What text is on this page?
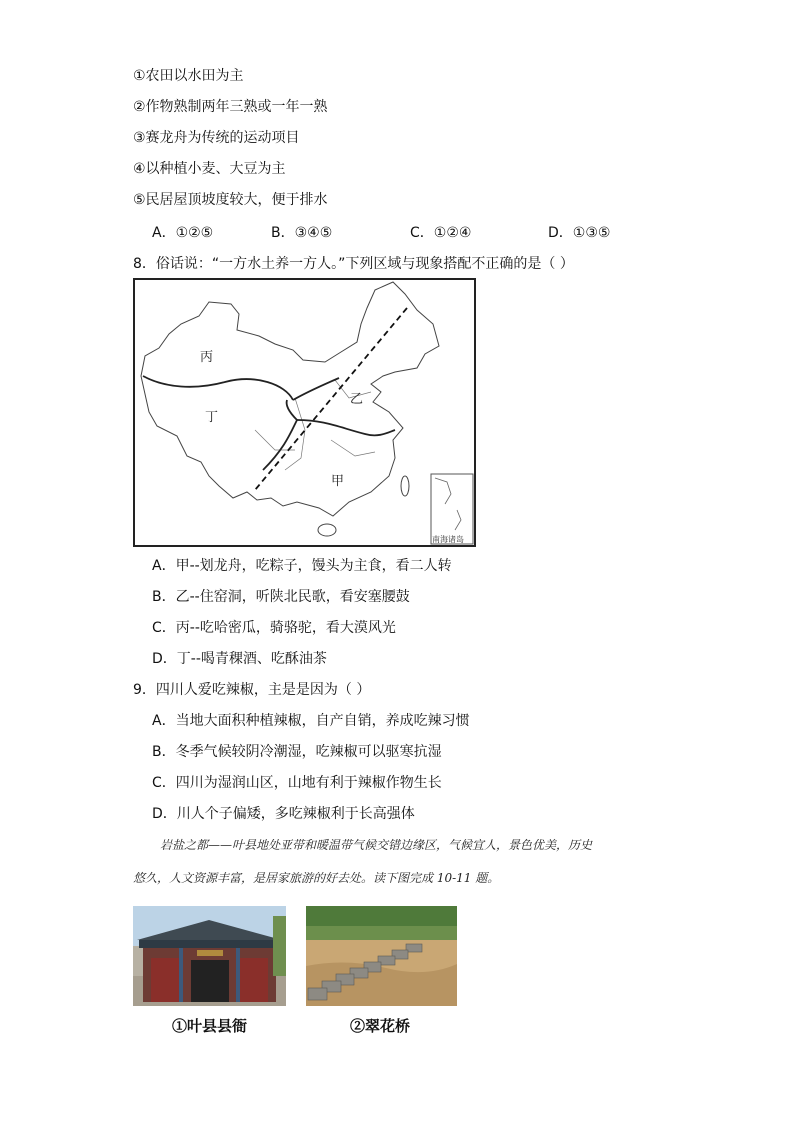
①农田以水田为主
②作物熟制两年三熟或一年一熟
③赛龙舟为传统的运动项目
④以种植小麦、大豆为主
⑤民居屋顶坡度较大，便于排水
A．①②⑤	B．③④⑤	C．①②④	D．①③⑤
8．俗话说：“一方水土养一方人。”下列区域与现象搭配不正确的是（ ）
丙
丁
乙
甲
南海诸岛
A．甲--划龙舟，吃粽子，馒头为主食，看二人转
B．乙--住窑洞，听陕北民歌，看安塞腰鼓
C．丙--吃哈密瓜，骑骆驼，看大漠风光
D．丁--喝青稞酒、吃酥油茶
9．四川人爱吃辣椒，主是是因为（ ）
A．当地大面积种植辣椒，自产自销，养成吃辣习惯
B．冬季气候较阴冷潮湿，吃辣椒可以驱寒抗湿
C．四川为湿润山区，山地有利于辣椒作物生长
D．川人个子偏矮，多吃辣椒利于长高强体
岩盐之都——叶县地处亚带和暖温带气候交错边缘区，气候宜人，景色优美，历史
悠久，人文资源丰富，是居家旅游的好去处。读下图完成 10-11 题。
①叶县县衙	②翠花桥
